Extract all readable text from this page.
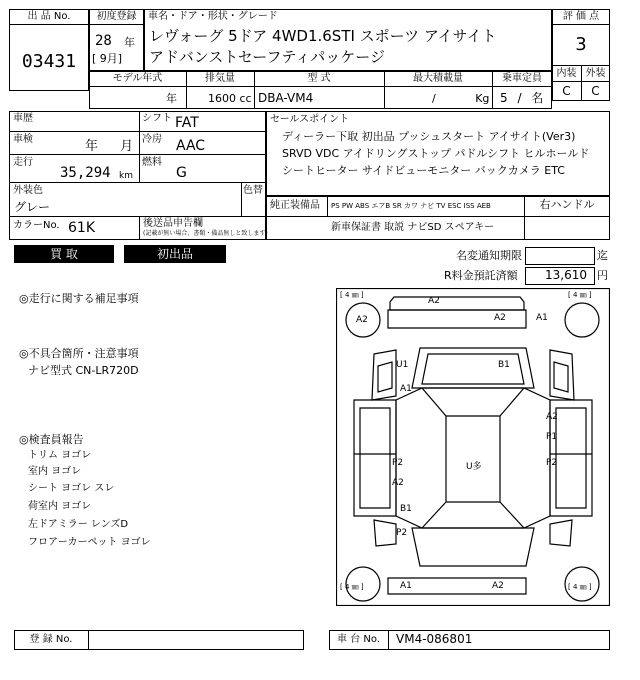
出 品 No.
03431
初度登録
28 年
[ 9月]
車名・ドア・形状・グレード
レヴォーグ 5ドア 4WD1.6STI スポーツ アイサイト
アドバンストセーフティパッケージ
評 価 点
3
内装 外装
C	C
モデル年式
年
排気量
1600 cc
型 式
DBA-VM4
最大積載量
/ Kg
乗車定員
5 / 名
車歴	シフト FAT
車検	年 月 冷房 AAC
走行
35,294 km
燃料
G
外装色
グレー
色替
カラーNo. 61K	後送品申告欄
(記載が無い場合、書類・備品無しと致します)
セールスポイント
ディーラー下取 初出品 プッシュスタート アイサイト(Ver3)
SRVD VDC アイドリングストップ パドルシフト ヒルホールド
シートヒーター サイドビューモニター バックカメラ ETC
純正装備品 PS PW ABS エアB SR カワ ナビ TV ESC ISS AEB	右ハンドル
新車保証書 取説 ナビSD スペアキー
買 取	初出品	名変通知期限	迄
R料金預託済額 13,610 円
◎走行に関する補足事項
◎不具合箇所・注意事項
ナビ型式 CN-LR720D
◎検査員報告
トリム ヨゴレ
室内 ヨゴレ
シート ヨゴレ スレ
荷室内 ヨゴレ
左ドアミラー レンズD
フロアーカーペット ヨゴレ
[ 4 ㎜ ]	[ 4 ㎜ ]
[ 4 ㎜ ]	[ 4 ㎜ ]
A2
A2	A1
A2
U1
A1
B1
A2
P1
P2
A2
U多	P2
B1
P2
A1	A2
登 録 No.	車 台 No.	VM4-086801
